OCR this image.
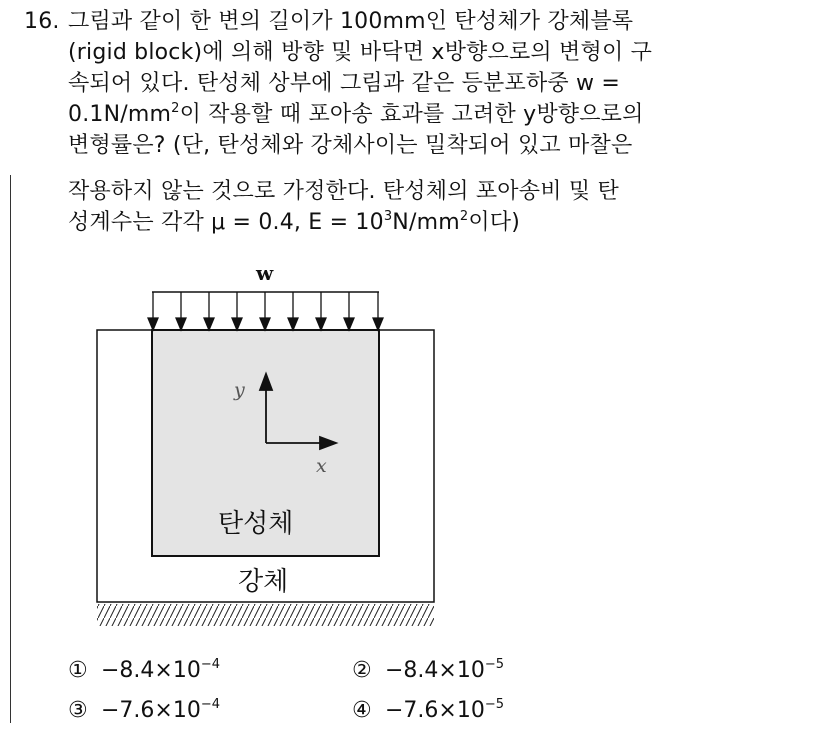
16. 그림과 같이 한 변의 길이가 100mm인 탄성체가 강체블록
(rigid block)에 의해 방향 및 바닥면 x방향으로의 변형이 구
속되어 있다. 탄성체 상부에 그림과 같은 등분포하중 w =
$0.1N/mm^2$이 작용할 때 포아송 효과를 고려한 y방향으로의
변형률은? (단, 탄성체와 강체사이는 밀착되어 있고 마찰은
작용하지 않는 것으로 가정한다. 탄성체의 포아송비 및 탄
성계수는 각각 μ = 0.4, $E = 10^3N/mm^2$이다)
w
y
x
탄성체
강체
① $-8.4\times 10^{-4}$	② $-8.4\times 10^{-5}$
③ $-7.6\times 10^{-4}$	④ $-7.6\times 10^{-5}$
